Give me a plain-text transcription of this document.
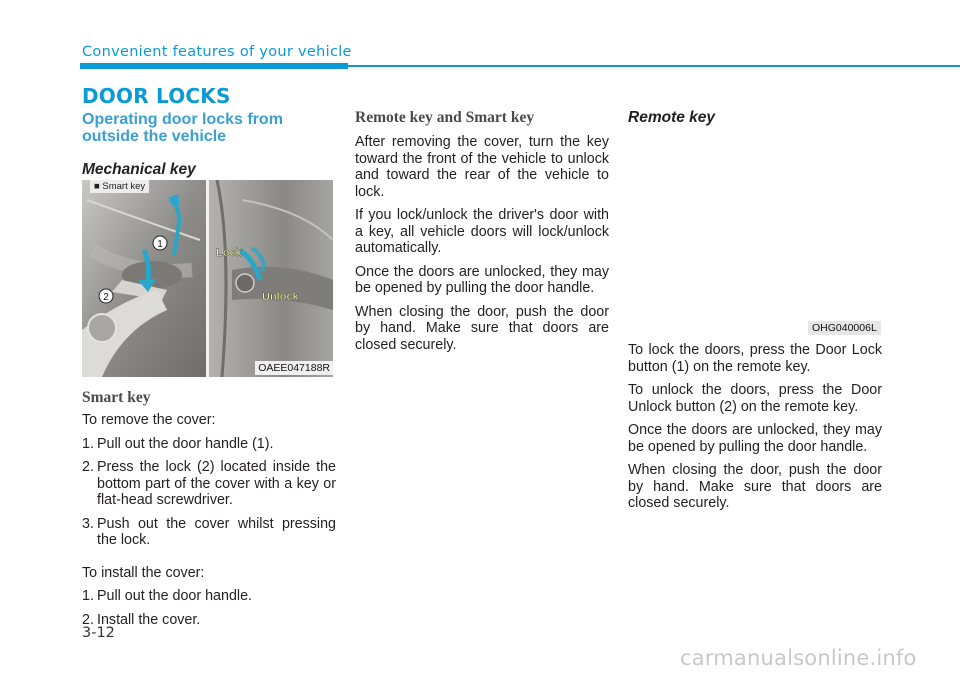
Convenient features of your vehicle
DOOR LOCKS
Operating door locks from outside the vehicle
Mechanical key
1
2
Lock
Unlock
■ Smart key
OAEE047188R
Smart key

To remove the cover:

1. Pull out the door handle (1).
2. Press the lock (2) located inside the bottom part of the cover with a key or flat-head screwdriver.
3. Push out the cover whilst pressing the lock.

To install the cover:

1. Pull out the door handle.
2. Install the cover.
Remote key and Smart key

After removing the cover, turn the key toward the front of the vehicle to unlock and toward the rear of the vehicle to lock.

If you lock/unlock the driver's door with a key, all vehicle doors will lock/unlock automatically.

Once the doors are unlocked, they may be opened by pulling the door handle.

When closing the door, push the door by hand. Make sure that doors are closed securely.

Remote key
OHG040006L

To lock the doors, press the Door Lock button (1) on the remote key.

To unlock the doors, press the Door Unlock button (2) on the remote key.

Once the doors are unlocked, they may be opened by pulling the door handle.

When closing the door, push the door by hand. Make sure that doors are closed securely.

3-12
carmanualsonline.info
